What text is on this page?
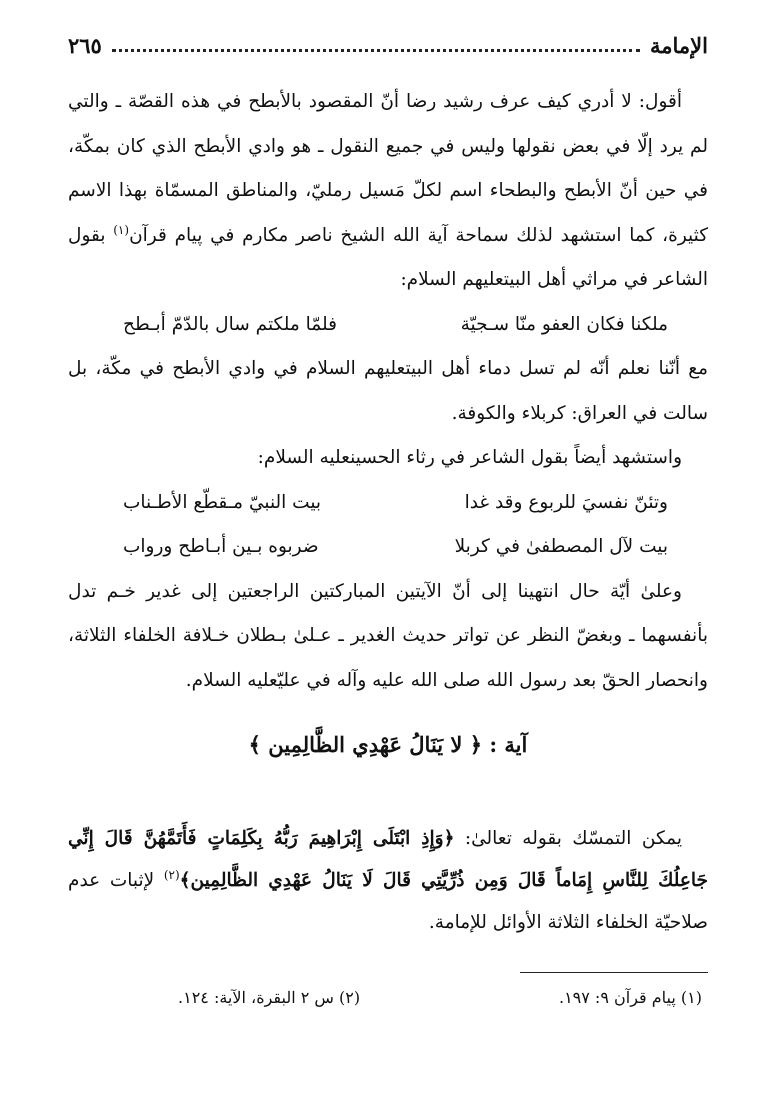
الإمامة
٢٦٥

أقول: لا أدري كيف عرف رشيد رضا أنّ المقصود بالأبطح في هذه القصّة ـ والتي لم يرد إلّا في بعض نقولها وليس في جميع النقول ـ هو وادي الأبطح الذي كان بمكّة، في حين أنّ الأبطح والبطحاء اسم لكلّ مَسيل رمليّ، والمناطق المسمّاة بهذا الاسم كثيرة، كما استشهد لذلك سماحة آية الله الشيخ ناصر مكارم في پيام قرآن$^{(١)}$ بقول الشاعر في مراثي أهل البيتعليهم السلام:

ملكنا فكان العفو منّا سـجيّة
فلمّا ملكتم سال بالدّمّ أبـطح

مع أنّنا نعلم أنّه لم تسل دماء أهل البيتعليهم السلام في وادي الأبطح في مكّة، بل سالت في العراق: كربلاء والكوفة.

واستشهد أيضاً بقول الشاعر في رثاء الحسينعليه السلام:

وتئنّ نفسيَ للربوع وقد غدا
بيت النبيّ مـقطّع الأطـناب
بيت لآل المصطفىٰ في كربلا
ضربوه بـين أبـاطح ورواب

وعلىٰ أيّة حال انتهينا إلى أنّ الآيتين المباركتين الراجعتين إلى غدير خـم تدل بأنفسهما ـ وبغضّ النظر عن تواتر حديث الغدير ـ عـلىٰ بـطلان خـلافة الخلفاء الثلاثة، وانحصار الحقّ بعد رسول الله صلى الله عليه وآله في عليّعليه السلام.

آية : ﴿ لا يَنَالُ عَهْدِي الظَّالِمِين ﴾

يمكن التمسّك بقوله تعالىٰ: ﴿وَإِذِ ابْتَلَى إِبْرَاهِيمَ رَبُّهُ بِكَلِمَاتٍ فَأَتَمَّهُنَّ قَالَ إِنِّي جَاعِلُكَ لِلنَّاسِ إِمَاماً قَالَ وَمِن ذُرِّيَّتِي قَالَ لَا يَنَالُ عَهْدِي الظَّالِمِين﴾$^{(٢)}$ لإثبات عدم صلاحيّة الخلفاء الثلاثة الأوائل للإمامة.

(١) پيام قرآن ٩: ١٩٧.
(٢) س ٢ البقرة، الآية: ١٢٤.
